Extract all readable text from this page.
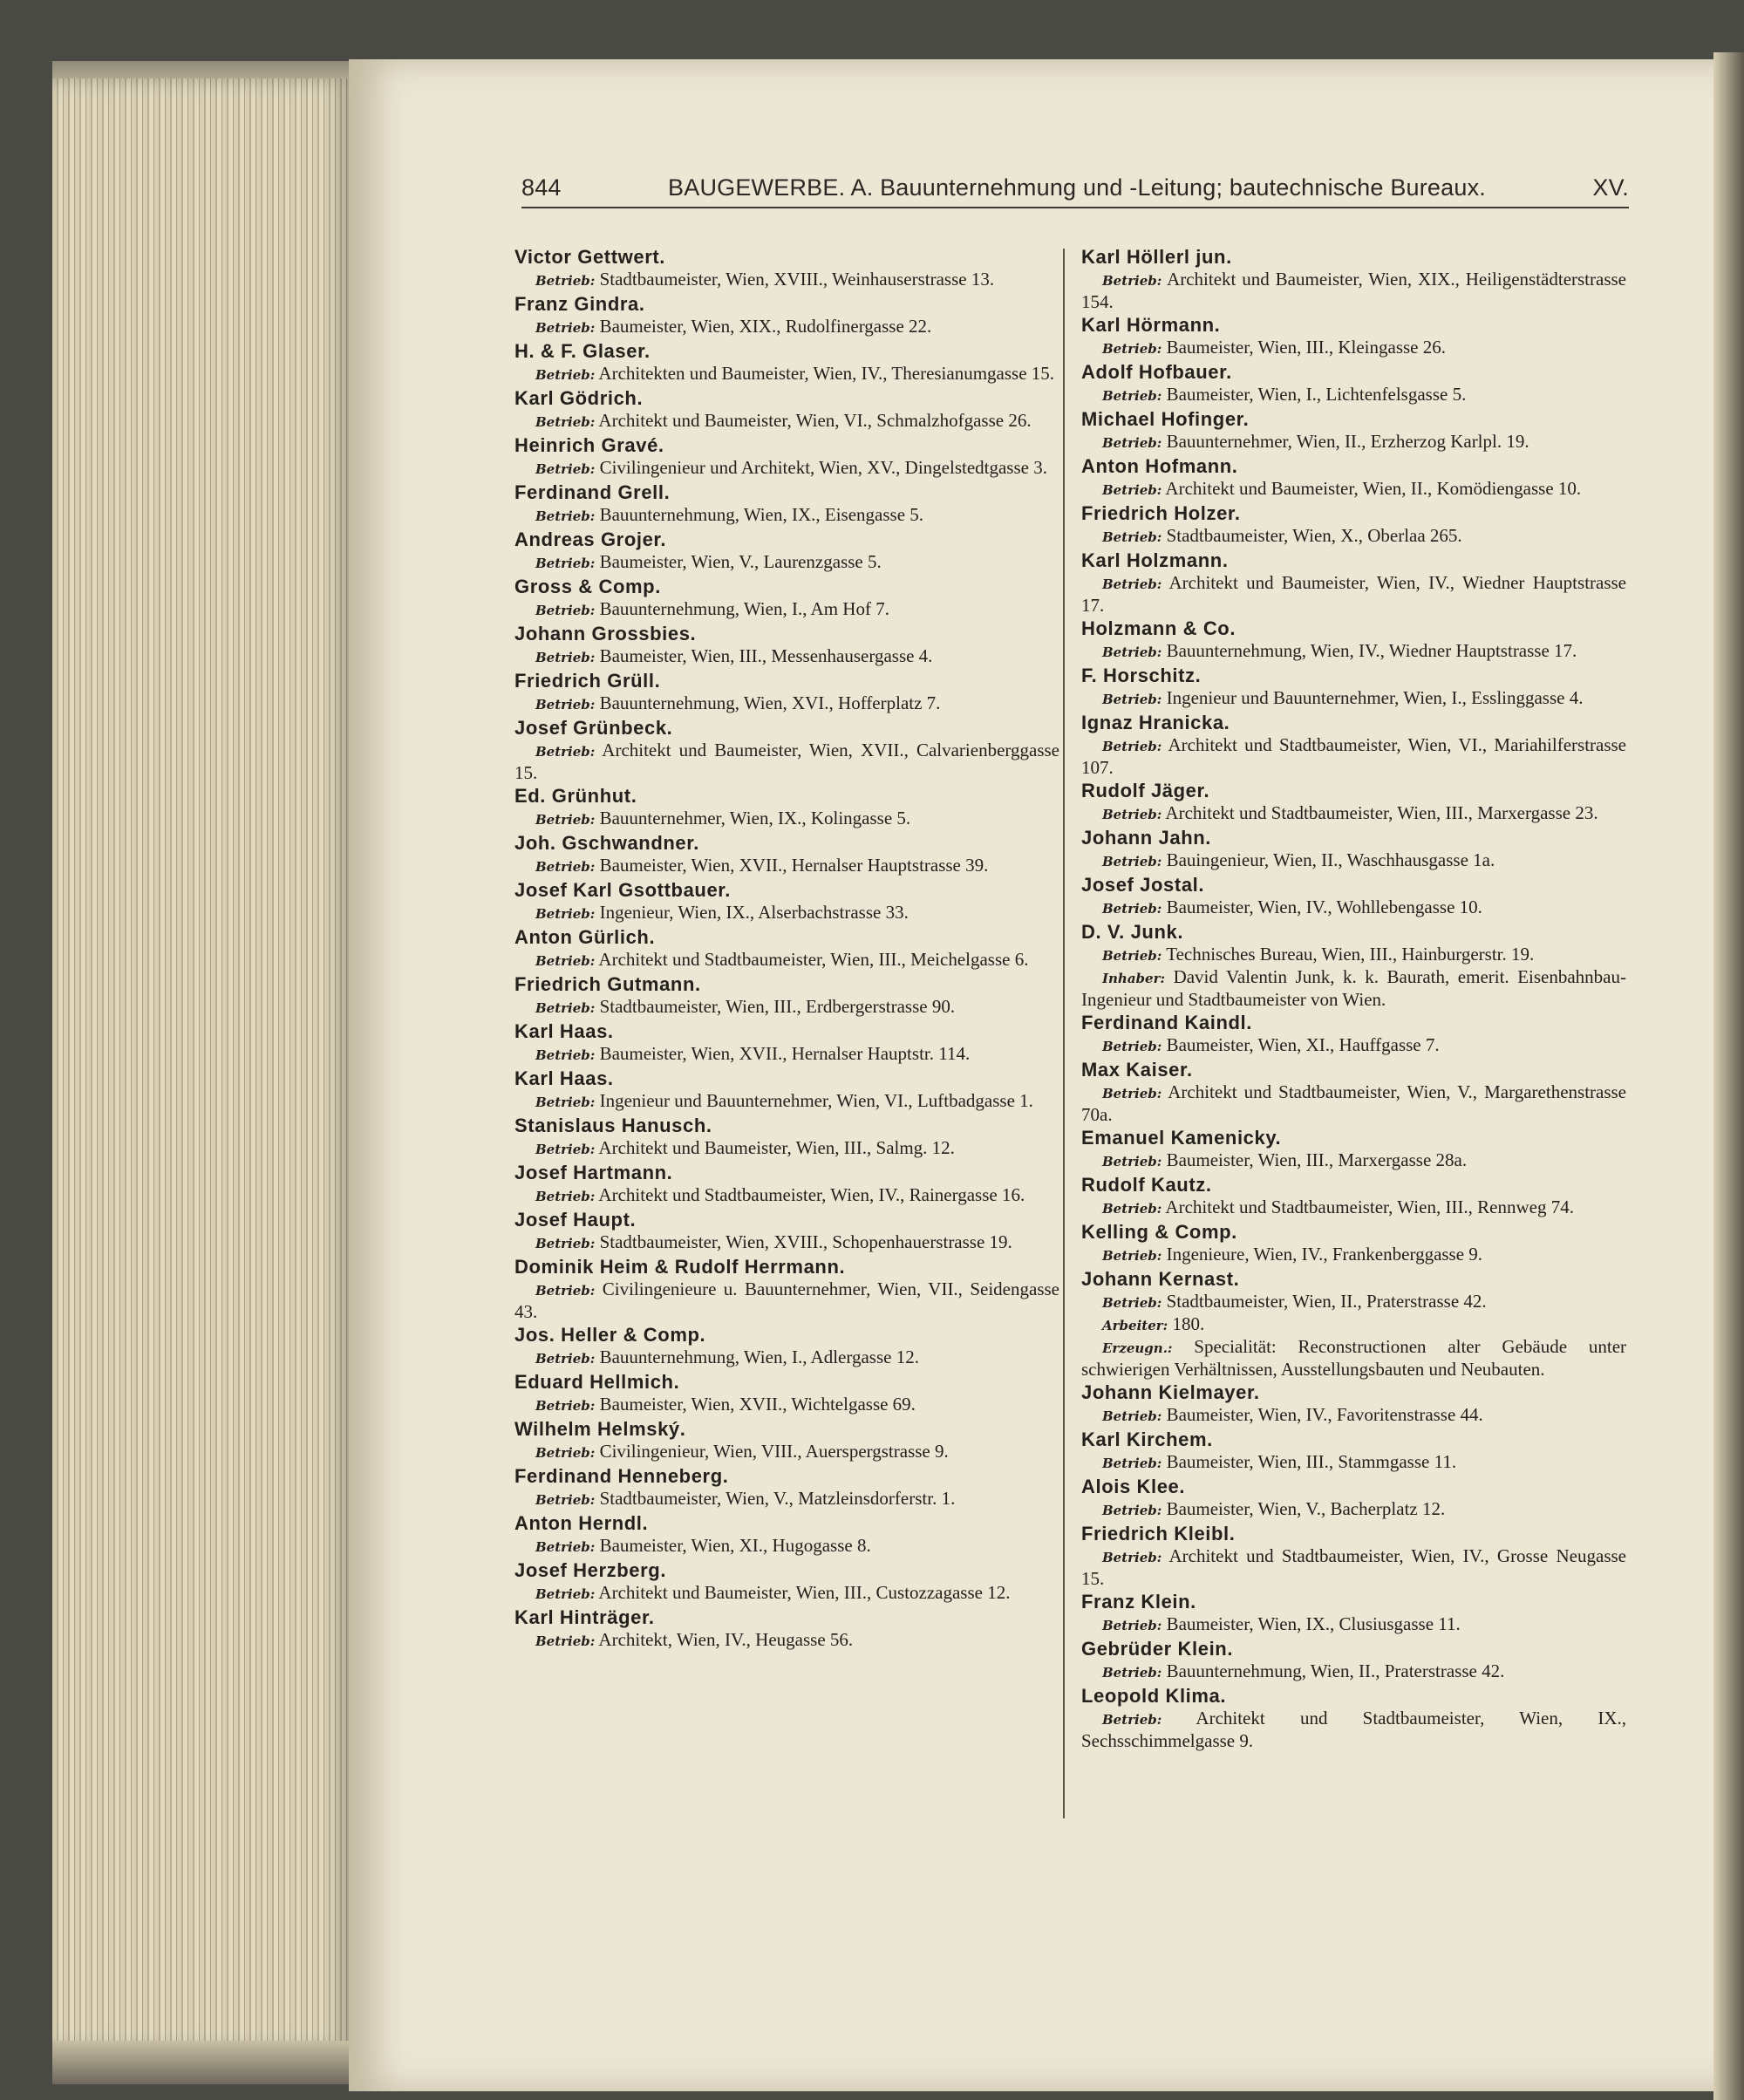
844	BAUGEWERBE. A. Bauunternehmung und -Leitung; bautechnische Bureaux.	XV.
Victor Gettwert.
Betrieb: Stadtbaumeister, Wien, XVIII., Weinhauserstrasse 13.
Franz Gindra.
Betrieb: Baumeister, Wien, XIX., Rudolfinergasse 22.
H. & F. Glaser.
Betrieb: Architekten und Baumeister, Wien, IV., Theresianumgasse 15.
Karl Gödrich.
Betrieb: Architekt und Baumeister, Wien, VI., Schmalzhofgasse 26.
Heinrich Gravé.
Betrieb: Civilingenieur und Architekt, Wien, XV., Dingelstedtgasse 3.
Ferdinand Grell.
Betrieb: Bauunternehmung, Wien, IX., Eisengasse 5.
Andreas Grojer.
Betrieb: Baumeister, Wien, V., Laurenzgasse 5.
Gross & Comp.
Betrieb: Bauunternehmung, Wien, I., Am Hof 7.
Johann Grossbies.
Betrieb: Baumeister, Wien, III., Messenhausergasse 4.
Friedrich Grüll.
Betrieb: Bauunternehmung, Wien, XVI., Hofferplatz 7.
Josef Grünbeck.
Betrieb: Architekt und Baumeister, Wien, XVII., Calvarienberggasse 15.
Ed. Grünhut.
Betrieb: Bauunternehmer, Wien, IX., Kolingasse 5.
Joh. Gschwandner.
Betrieb: Baumeister, Wien, XVII., Hernalser Hauptstrasse 39.
Josef Karl Gsottbauer.
Betrieb: Ingenieur, Wien, IX., Alserbachstrasse 33.
Anton Gürlich.
Betrieb: Architekt und Stadtbaumeister, Wien, III., Meichelgasse 6.
Friedrich Gutmann.
Betrieb: Stadtbaumeister, Wien, III., Erdbergerstrasse 90.
Karl Haas.
Betrieb: Baumeister, Wien, XVII., Hernalser Hauptstr. 114.
Karl Haas.
Betrieb: Ingenieur und Bauunternehmer, Wien, VI., Luftbadgasse 1.
Stanislaus Hanusch.
Betrieb: Architekt und Baumeister, Wien, III., Salmg. 12.
Josef Hartmann.
Betrieb: Architekt und Stadtbaumeister, Wien, IV., Rainergasse 16.
Josef Haupt.
Betrieb: Stadtbaumeister, Wien, XVIII., Schopenhauerstrasse 19.
Dominik Heim & Rudolf Herrmann.
Betrieb: Civilingenieure u. Bauunternehmer, Wien, VII., Seidengasse 43.
Jos. Heller & Comp.
Betrieb: Bauunternehmung, Wien, I., Adlergasse 12.
Eduard Hellmich.
Betrieb: Baumeister, Wien, XVII., Wichtelgasse 69.
Wilhelm Helmský.
Betrieb: Civilingenieur, Wien, VIII., Auerspergstrasse 9.
Ferdinand Henneberg.
Betrieb: Stadtbaumeister, Wien, V., Matzleinsdorferstr. 1.
Anton Herndl.
Betrieb: Baumeister, Wien, XI., Hugogasse 8.
Josef Herzberg.
Betrieb: Architekt und Baumeister, Wien, III., Custozzagasse 12.
Karl Hinträger.
Betrieb: Architekt, Wien, IV., Heugasse 56.
Karl Höllerl jun.
Betrieb: Architekt und Baumeister, Wien, XIX., Heiligenstädterstrasse 154.
Karl Hörmann.
Betrieb: Baumeister, Wien, III., Kleingasse 26.
Adolf Hofbauer.
Betrieb: Baumeister, Wien, I., Lichtenfelsgasse 5.
Michael Hofinger.
Betrieb: Bauunternehmer, Wien, II., Erzherzog Karlpl. 19.
Anton Hofmann.
Betrieb: Architekt und Baumeister, Wien, II., Komödiengasse 10.
Friedrich Holzer.
Betrieb: Stadtbaumeister, Wien, X., Oberlaa 265.
Karl Holzmann.
Betrieb: Architekt und Baumeister, Wien, IV., Wiedner Hauptstrasse 17.
Holzmann & Co.
Betrieb: Bauunternehmung, Wien, IV., Wiedner Hauptstrasse 17.
F. Horschitz.
Betrieb: Ingenieur und Bauunternehmer, Wien, I., Esslinggasse 4.
Ignaz Hranicka.
Betrieb: Architekt und Stadtbaumeister, Wien, VI., Mariahilferstrasse 107.
Rudolf Jäger.
Betrieb: Architekt und Stadtbaumeister, Wien, III., Marxergasse 23.
Johann Jahn.
Betrieb: Bauingenieur, Wien, II., Waschhausgasse 1a.
Josef Jostal.
Betrieb: Baumeister, Wien, IV., Wohllebengasse 10.
D. V. Junk.
Betrieb: Technisches Bureau, Wien, III., Hainburgerstr. 19.
Inhaber: David Valentin Junk, k. k. Baurath, emerit. Eisenbahnbau-Ingenieur und Stadtbaumeister von Wien.
Ferdinand Kaindl.
Betrieb: Baumeister, Wien, XI., Hauffgasse 7.
Max Kaiser.
Betrieb: Architekt und Stadtbaumeister, Wien, V., Margarethenstrasse 70a.
Emanuel Kamenicky.
Betrieb: Baumeister, Wien, III., Marxergasse 28a.
Rudolf Kautz.
Betrieb: Architekt und Stadtbaumeister, Wien, III., Rennweg 74.
Kelling & Comp.
Betrieb: Ingenieure, Wien, IV., Frankenberggasse 9.
Johann Kernast.
Betrieb: Stadtbaumeister, Wien, II., Praterstrasse 42.
Arbeiter: 180.
Erzeugn.: Specialität: Reconstructionen alter Gebäude unter schwierigen Verhältnissen, Ausstellungsbauten und Neubauten.
Johann Kielmayer.
Betrieb: Baumeister, Wien, IV., Favoritenstrasse 44.
Karl Kirchem.
Betrieb: Baumeister, Wien, III., Stammgasse 11.
Alois Klee.
Betrieb: Baumeister, Wien, V., Bacherplatz 12.
Friedrich Kleibl.
Betrieb: Architekt und Stadtbaumeister, Wien, IV., Grosse Neugasse 15.
Franz Klein.
Betrieb: Baumeister, Wien, IX., Clusiusgasse 11.
Gebrüder Klein.
Betrieb: Bauunternehmung, Wien, II., Praterstrasse 42.
Leopold Klima.
Betrieb: Architekt und Stadtbaumeister, Wien, IX., Sechsschimmelgasse 9.
